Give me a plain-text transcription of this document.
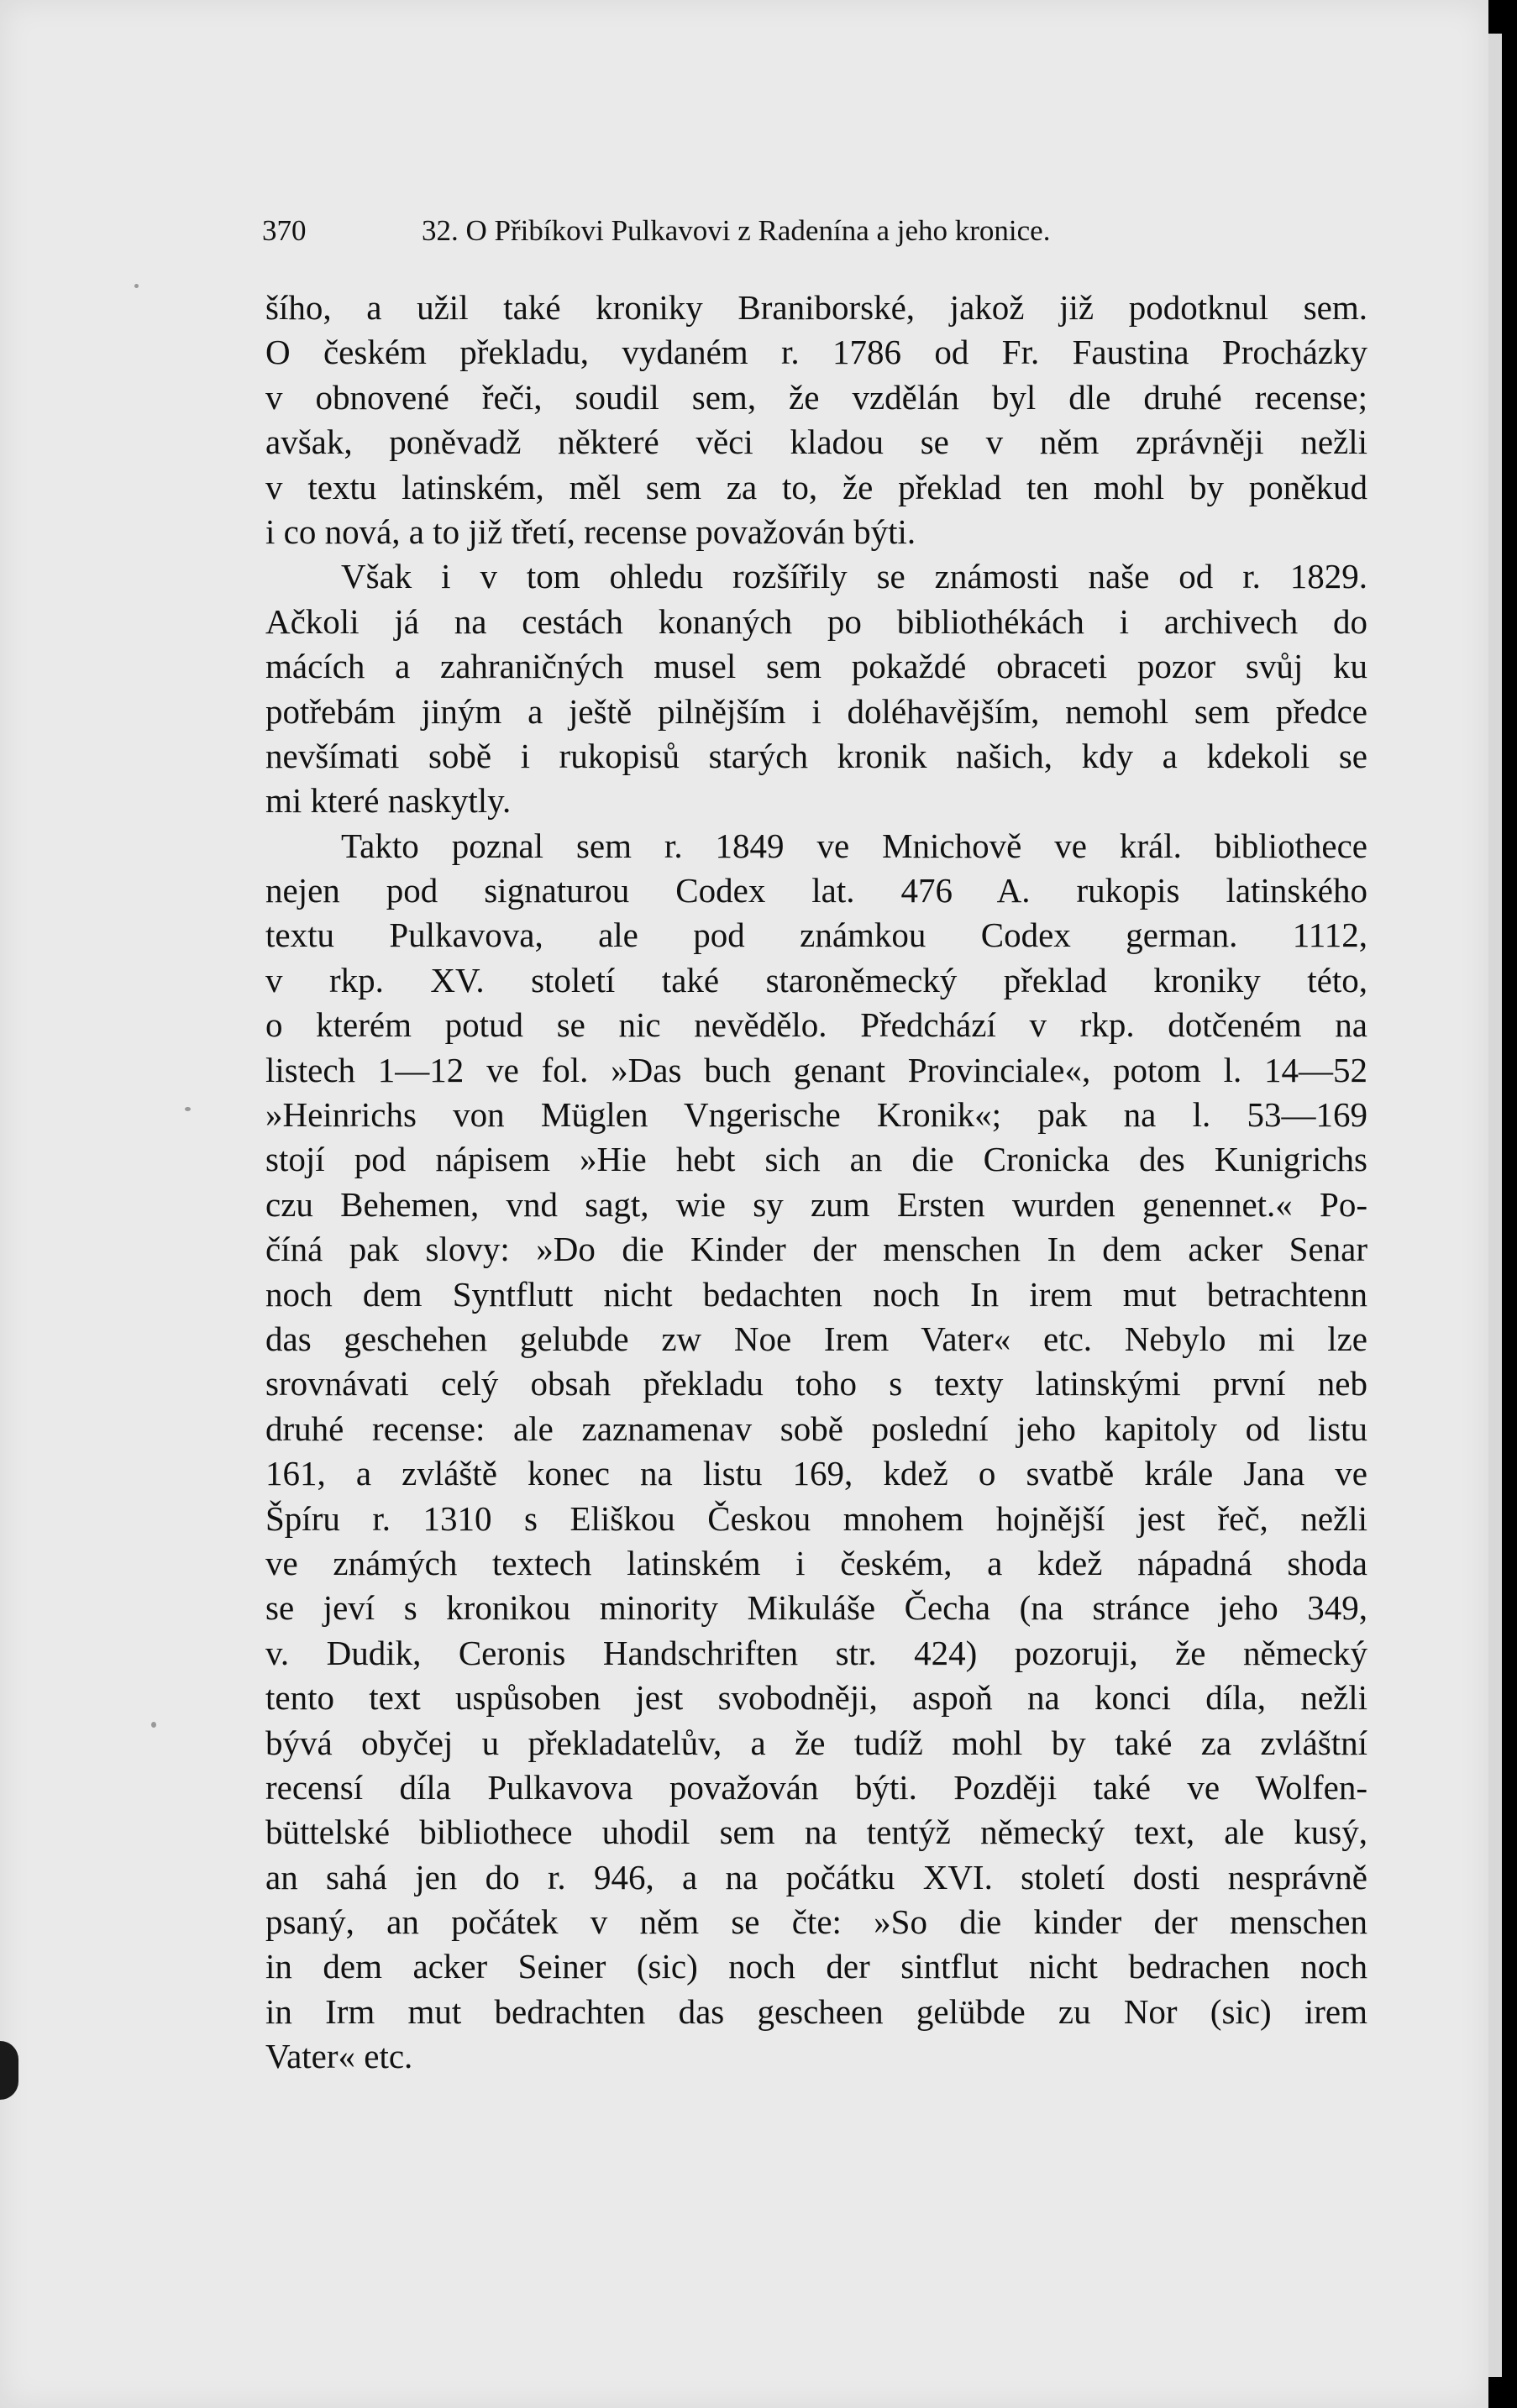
370	32. O Přibíkovi Pulkavovi z Radenína a jeho kronice.
šího, a užil také kroniky Braniborské, jakož již podotknul sem.
O českém překladu, vydaném r. 1786 od Fr. Faustina Procházky
v obnovené řeči, soudil sem, že vzdělán byl dle druhé recense;
avšak, poněvadž některé věci kladou se v něm zprávněji nežli
v textu latinském, měl sem za to, že překlad ten mohl by poněkud
i co nová, a to již třetí, recense považován býti.
Však i v tom ohledu rozšířily se známosti naše od r. 1829.
Ačkoli já na cestách konaných po bibliothékách i archivech do
mácích a zahraničných musel sem pokaždé obraceti pozor svůj ku
potřebám jiným a ještě pilnějším i doléhavějším, nemohl sem předce
nevšímati sobě i rukopisů starých kronik našich, kdy a kdekoli se
mi které naskytly.
Takto poznal sem r. 1849 ve Mnichově ve král. bibliothece
nejen pod signaturou Codex lat. 476 A. rukopis latinského
textu Pulkavova, ale pod známkou Codex german. 1112,
v rkp. XV. století také staroněmecký překlad kroniky této,
o kterém potud se nic nevědělo. Předchází v rkp. dotčeném na
listech 1—12 ve fol. »Das buch genant Provinciale«, potom l. 14—52
»Heinrichs von Müglen Vngerische Kronik«; pak na l. 53—169
stojí pod nápisem »Hie hebt sich an die Cronicka des Kunigrichs
czu Behemen, vnd sagt, wie sy zum Ersten wurden genennet.« Po-
číná pak slovy: »Do die Kinder der menschen In dem acker Senar
noch dem Syntflutt nicht bedachten noch In irem mut betrachtenn
das geschehen gelubde zw Noe Irem Vater« etc. Nebylo mi lze
srovnávati celý obsah překladu toho s texty latinskými první neb
druhé recense: ale zaznamenav sobě poslední jeho kapitoly od listu
161, a zvláště konec na listu 169, kdež o svatbě krále Jana ve
Špíru r. 1310 s Eliškou Českou mnohem hojnější jest řeč, nežli
ve známých textech latinském i českém, a kdež nápadná shoda
se jeví s kronikou minority Mikuláše Čecha (na stránce jeho 349,
v. Dudik, Ceronis Handschriften str. 424) pozoruji, že německý
tento text uspůsoben jest svobodněji, aspoň na konci díla, nežli
bývá obyčej u překladatelův, a že tudíž mohl by také za zvláštní
recensí díla Pulkavova považován býti. Později také ve Wolfen-
büttelské bibliothece uhodil sem na tentýž německý text, ale kusý,
an sahá jen do r. 946, a na počátku XVI. století dosti nesprávně
psaný, an počátek v něm se čte: »So die kinder der menschen
in dem acker Seiner (sic) noch der sintflut nicht bedrachen noch
in Irm mut bedrachten das gescheen gelübde zu Nor (sic) irem
Vater« etc.
